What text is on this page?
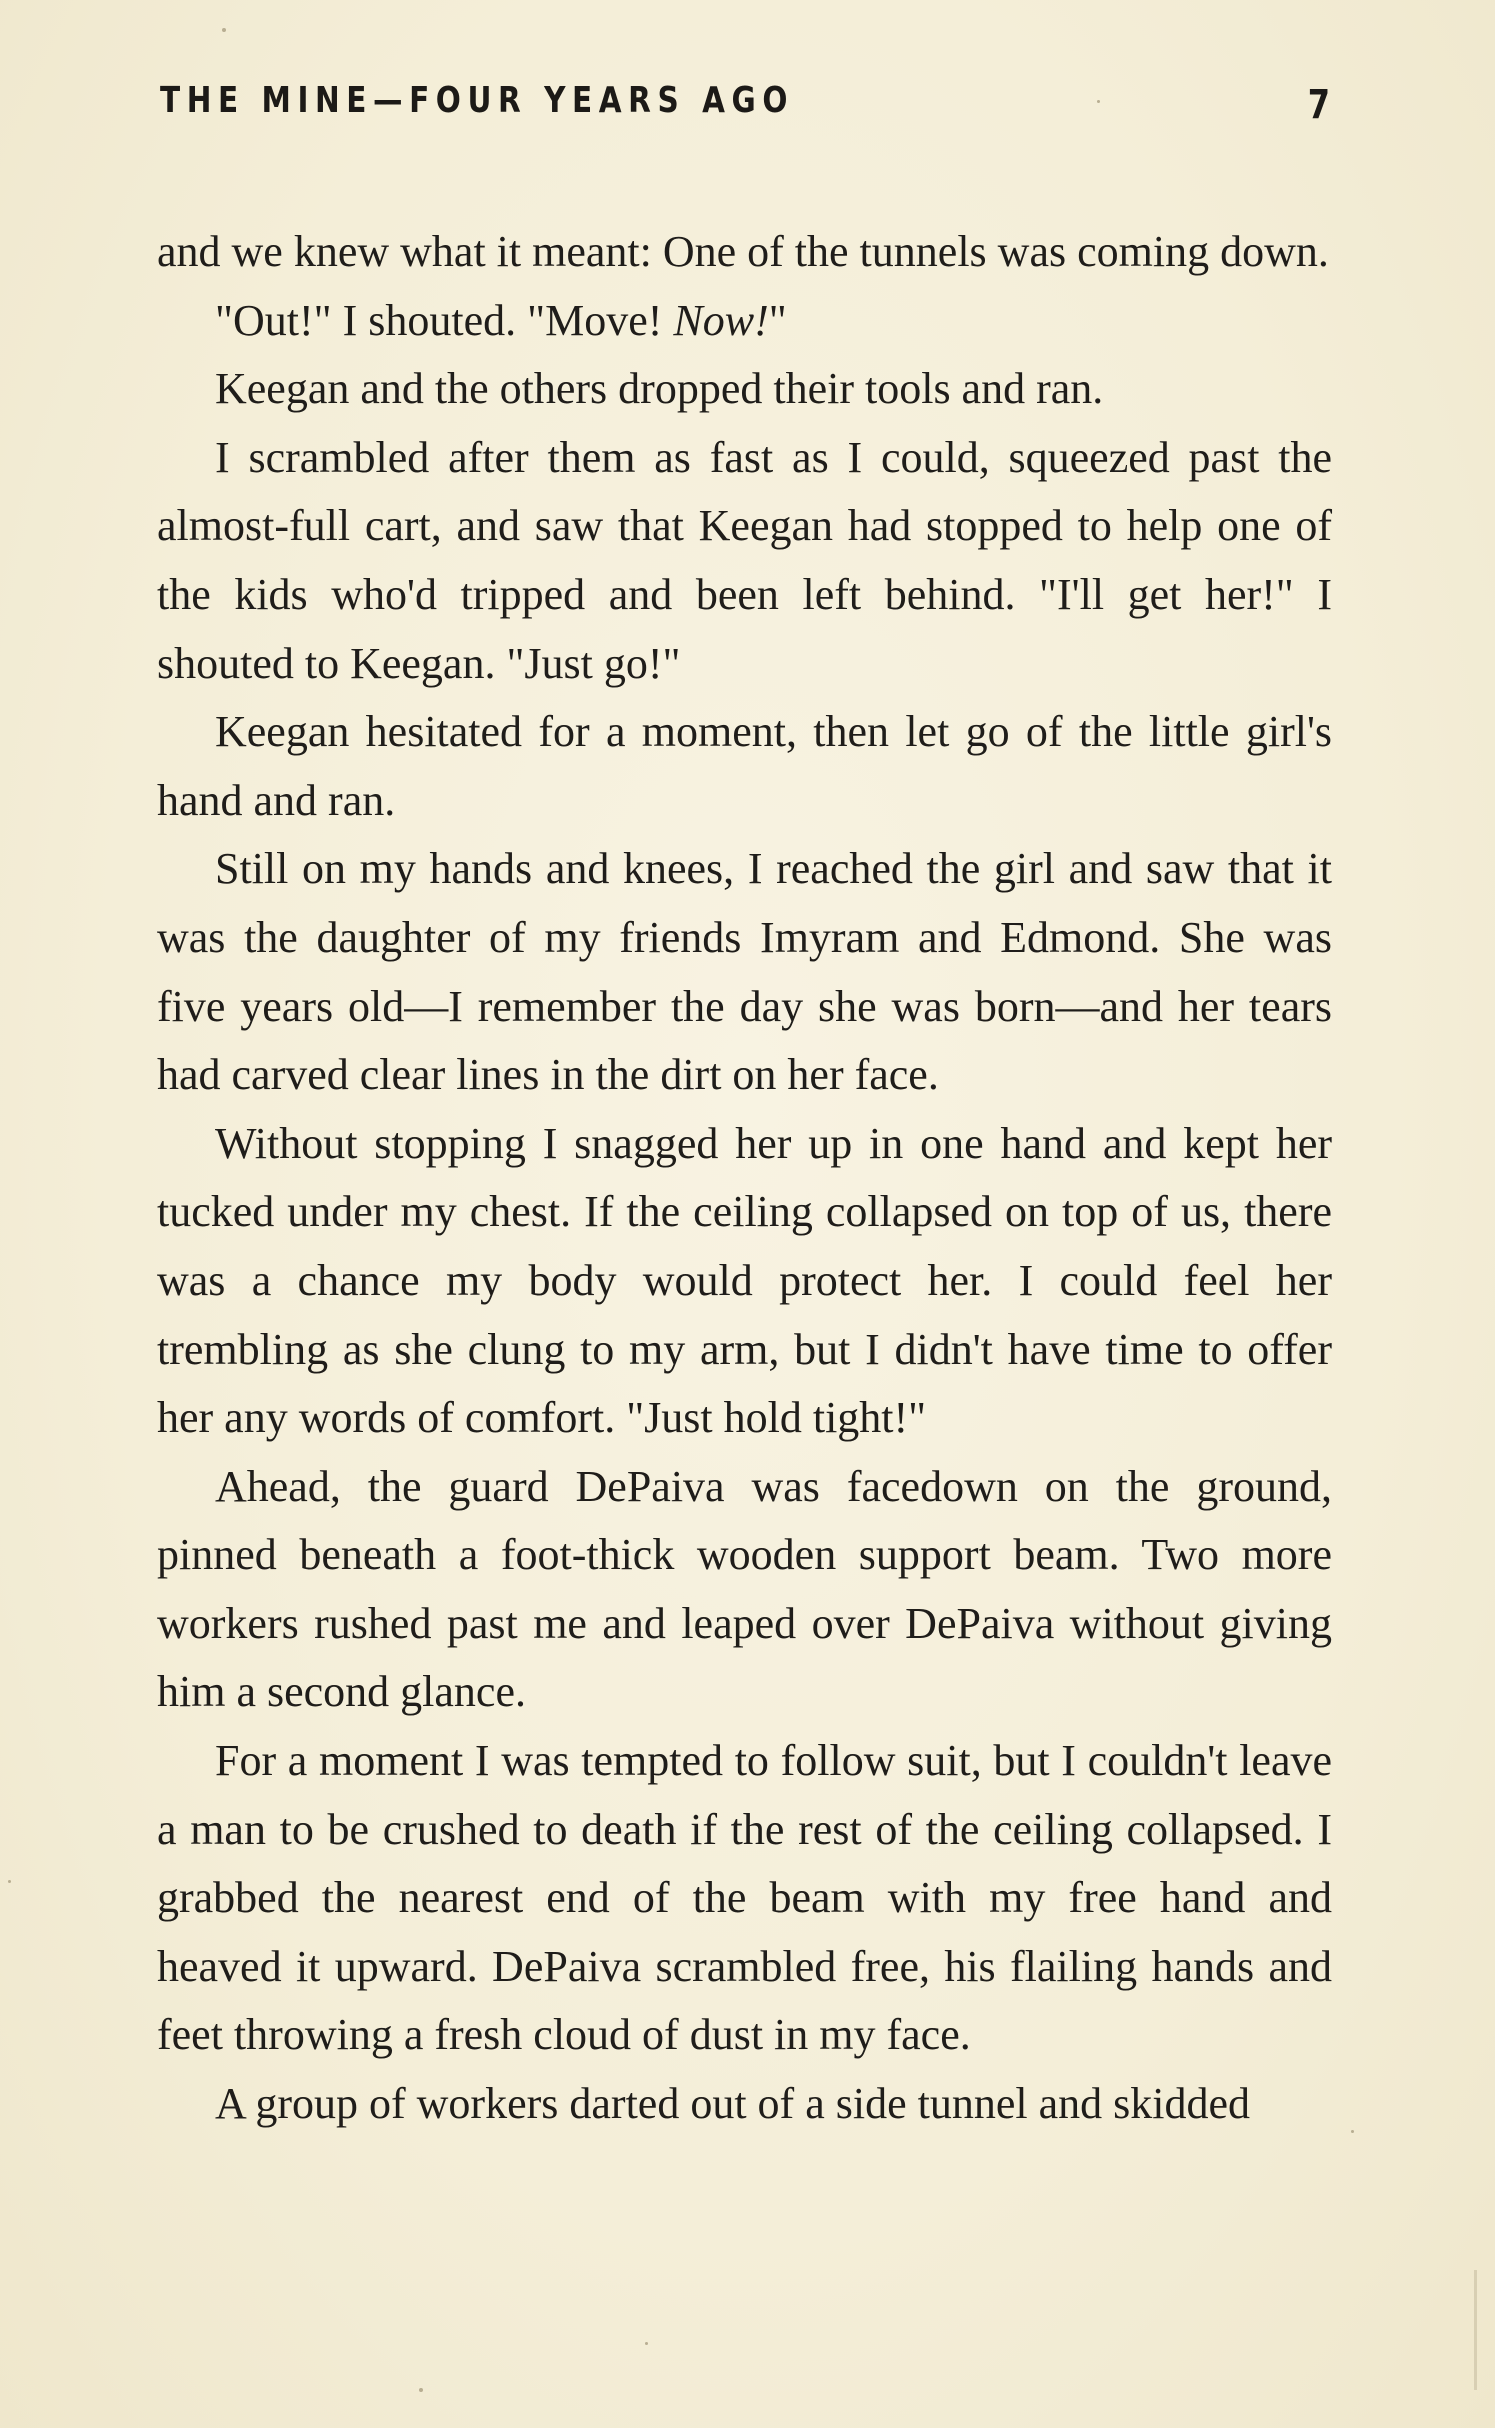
THE MINE—FOUR YEARS AGO	7

and we knew what it meant: One of the tunnels was coming down.

"Out!" I shouted. "Move! Now!"

Keegan and the others dropped their tools and ran.

I scrambled after them as fast as I could, squeezed past the almost-full cart, and saw that Keegan had stopped to help one of the kids who'd tripped and been left behind. "I'll get her!" I shouted to Keegan. "Just go!"

Keegan hesitated for a moment, then let go of the little girl's hand and ran.

Still on my hands and knees, I reached the girl and saw that it was the daughter of my friends Imyram and Edmond. She was five years old—I remember the day she was born—and her tears had carved clear lines in the dirt on her face.

Without stopping I snagged her up in one hand and kept her tucked under my chest. If the ceiling collapsed on top of us, there was a chance my body would protect her. I could feel her trembling as she clung to my arm, but I didn't have time to offer her any words of comfort. "Just hold tight!"

Ahead, the guard DePaiva was facedown on the ground, pinned beneath a foot-thick wooden support beam. Two more workers rushed past me and leaped over DePaiva without giving him a second glance.

For a moment I was tempted to follow suit, but I couldn't leave a man to be crushed to death if the rest of the ceiling collapsed. I grabbed the nearest end of the beam with my free hand and heaved it upward. DePaiva scrambled free, his flailing hands and feet throwing a fresh cloud of dust in my face.

A group of workers darted out of a side tunnel and skidded
